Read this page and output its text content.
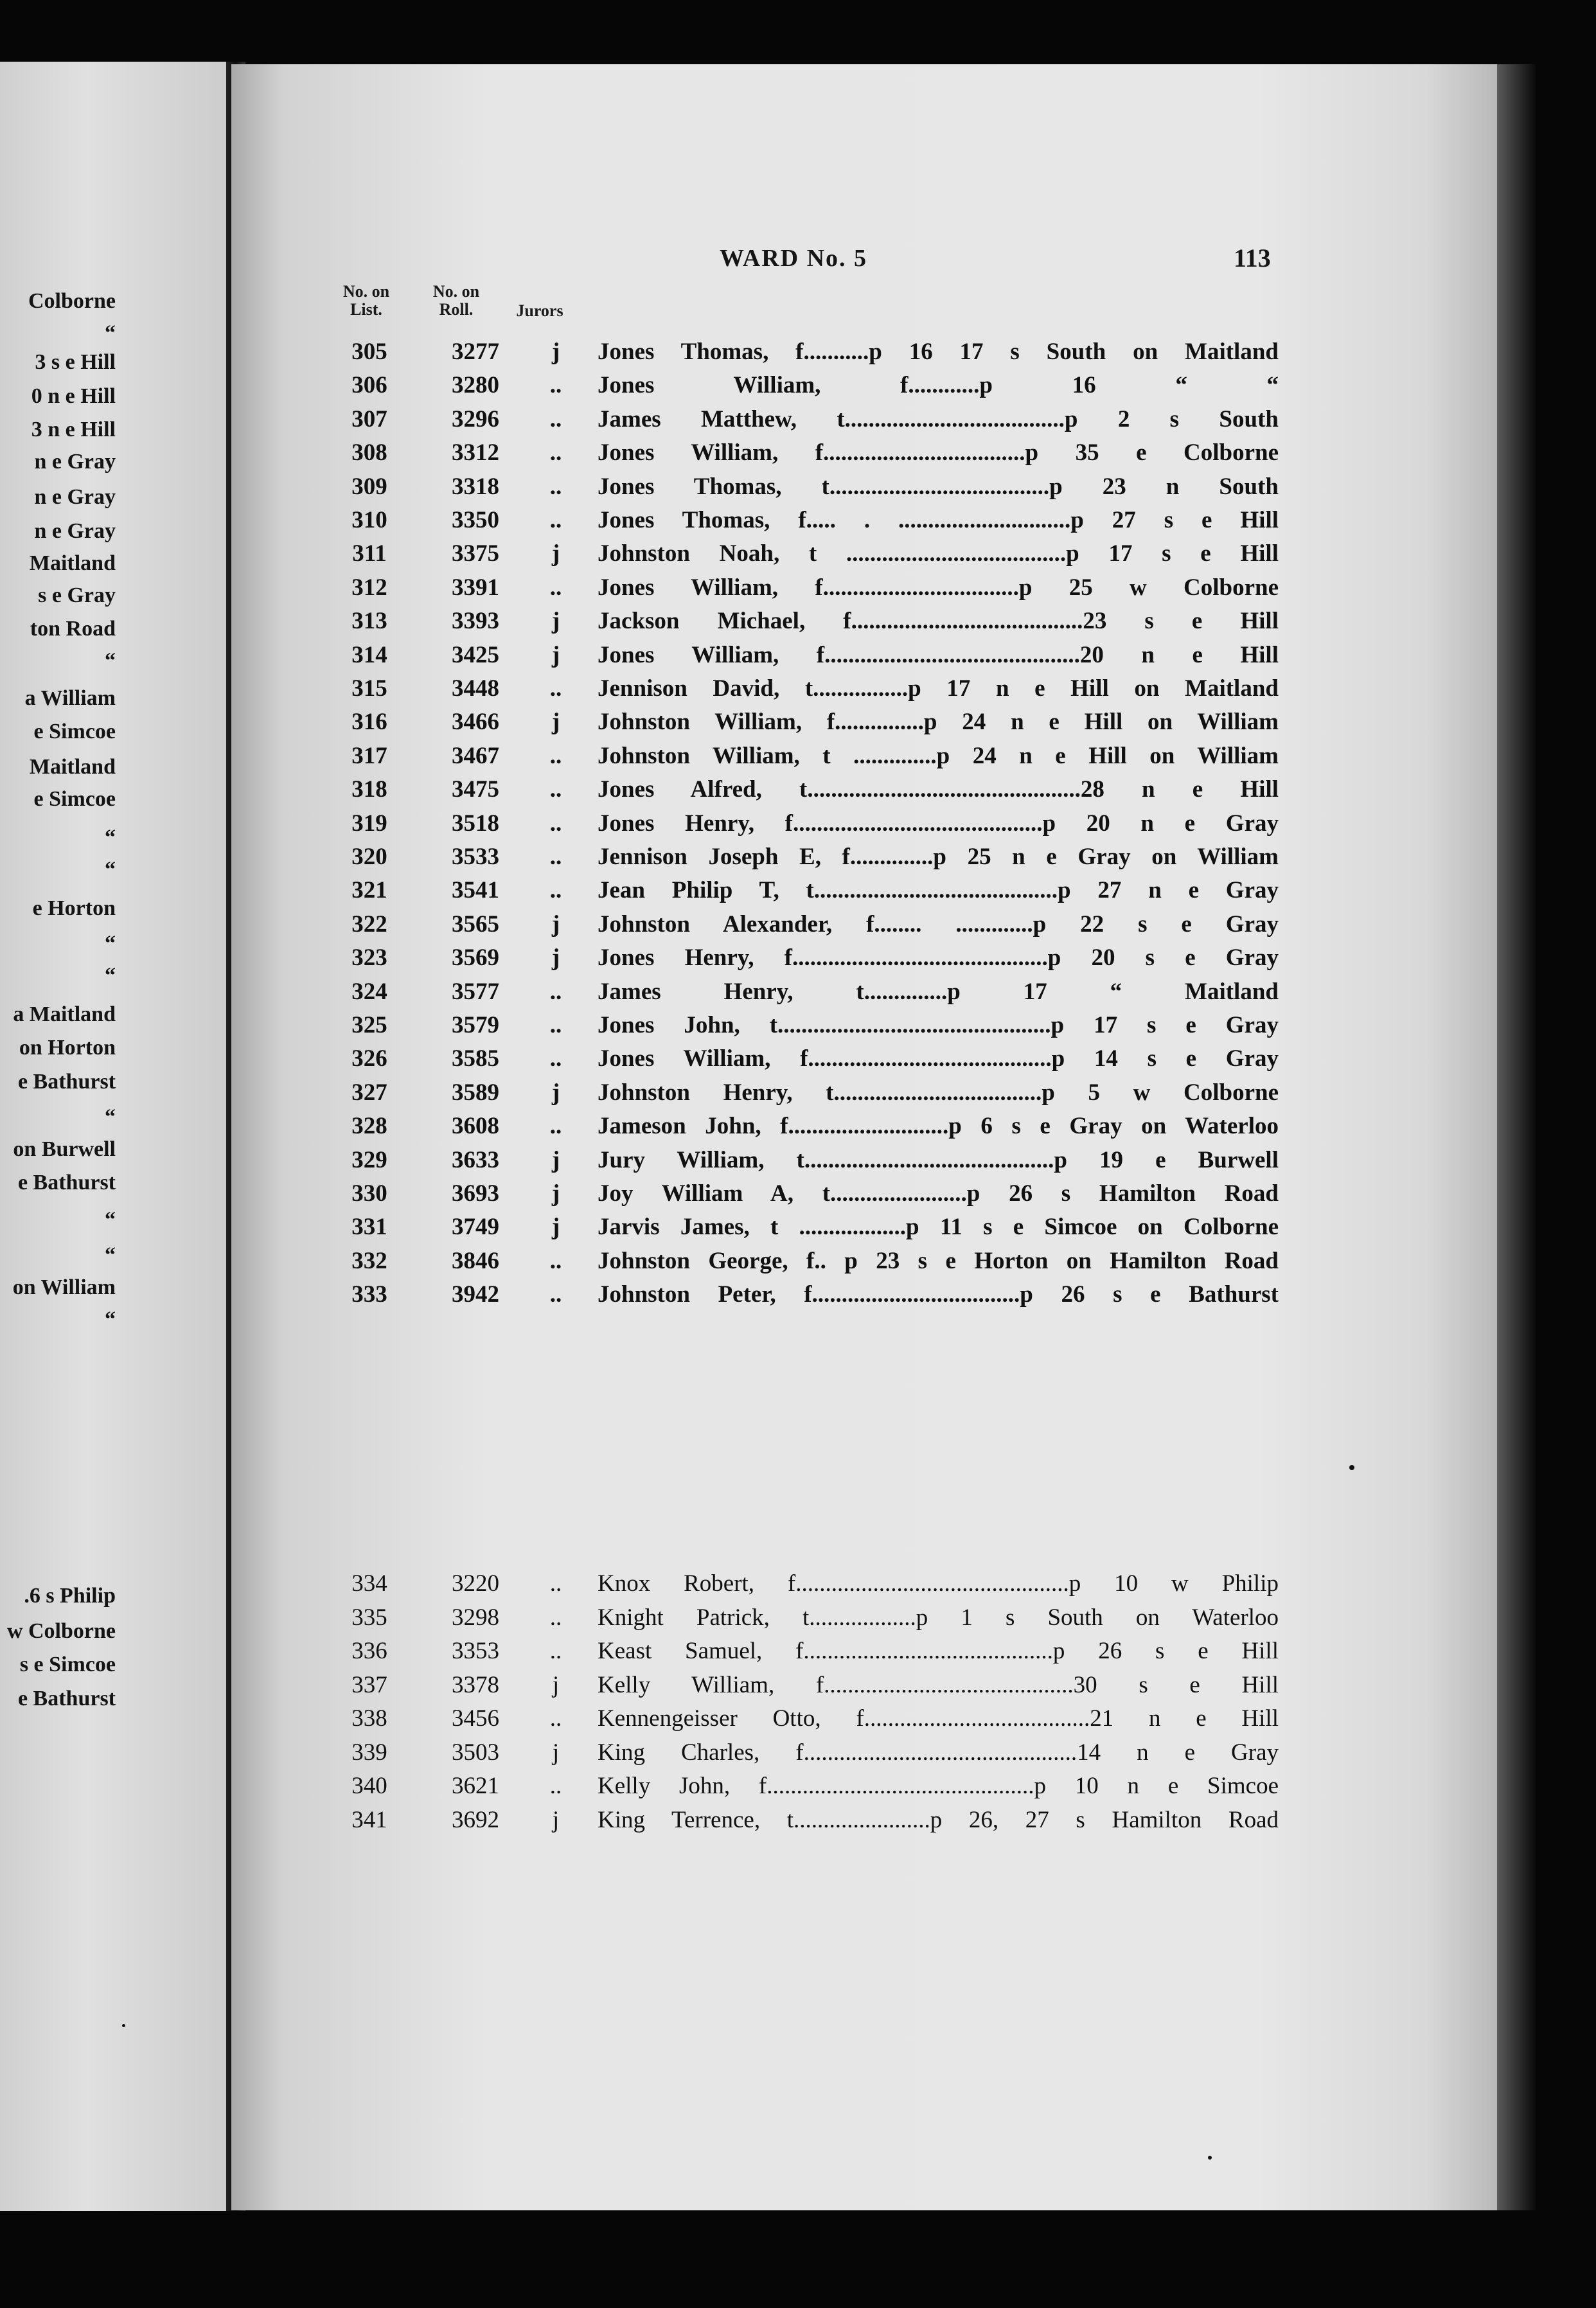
Colborne
“
3 s e Hill
0 n e Hill
3 n e Hill
n e Gray
n e Gray
n e Gray
Maitland
s e Gray
ton Road
“
a William
e Simcoe
Maitland
e Simcoe
“
“
e Horton
“
“
a Maitland
on Horton
e Bathurst
“
on Burwell
e Bathurst
“
“
on William
“
.6 s Philip
w Colborne
s e Simcoe
e Bathurst
WARD No. 5	113
No. on List.
No. on Roll.	Jurors
305	3277	j	Jones Thomas, f...........p 16 17 s South on Maitland
306	3280	..	Jones William, f............p 16 “ “
307	3296	..	James Matthew, t.....................................p 2 s South
308	3312	..	Jones William, f..................................p 35 e Colborne
309	3318	..	Jones Thomas, t.....................................p 23 n South
310	3350	..	Jones Thomas, f..... . .............................p 27 s e Hill
311	3375	j	Johnston Noah, t .....................................p 17 s e Hill
312	3391	..	Jones William, f.................................p 25 w Colborne
313	3393	j	Jackson Michael, f.......................................23 s e Hill
314	3425	j	Jones William, f...........................................20 n e Hill
315	3448	..	Jennison David, t................p 17 n e Hill on Maitland
316	3466	j	Johnston William, f...............p 24 n e Hill on William
317	3467	..	Johnston William, t ..............p 24 n e Hill on William
318	3475	..	Jones Alfred, t..............................................28 n e Hill
319	3518	..	Jones Henry, f..........................................p 20 n e Gray
320	3533	..	Jennison Joseph E, f..............p 25 n e Gray on William
321	3541	..	Jean Philip T, t.........................................p 27 n e Gray
322	3565	j	Johnston Alexander, f........ .............p 22 s e Gray
323	3569	j	Jones Henry, f...........................................p 20 s e Gray
324	3577	..	James Henry, t..............p 17 “ Maitland
325	3579	..	Jones John, t..............................................p 17 s e Gray
326	3585	..	Jones William, f.........................................p 14 s e Gray
327	3589	j	Johnston Henry, t...................................p 5 w Colborne
328	3608	..	Jameson John, f...........................p 6 s e Gray on Waterloo
329	3633	j	Jury William, t..........................................p 19 e Burwell
330	3693	j	Joy William A, t.......................p 26 s Hamilton Road
331	3749	j	Jarvis James, t ..................p 11 s e Simcoe on Colborne
332	3846	..	Johnston George, f.. p 23 s e Horton on Hamilton Road
333	3942	..	Johnston Peter, f...................................p 26 s e Bathurst
334	3220	..	Knox Robert, f..............................................p 10 w Philip
335	3298	..	Knight Patrick, t..................p 1 s South on Waterloo
336	3353	..	Keast Samuel, f..........................................p 26 s e Hill
337	3378	j	Kelly William, f..........................................30 s e Hill
338	3456	..	Kennengeisser Otto, f......................................21 n e Hill
339	3503	j	King Charles, f..............................................14 n e Gray
340	3621	..	Kelly John, f.............................................p 10 n e Simcoe
341	3692	j	King Terrence, t.......................p 26, 27 s Hamilton Road
